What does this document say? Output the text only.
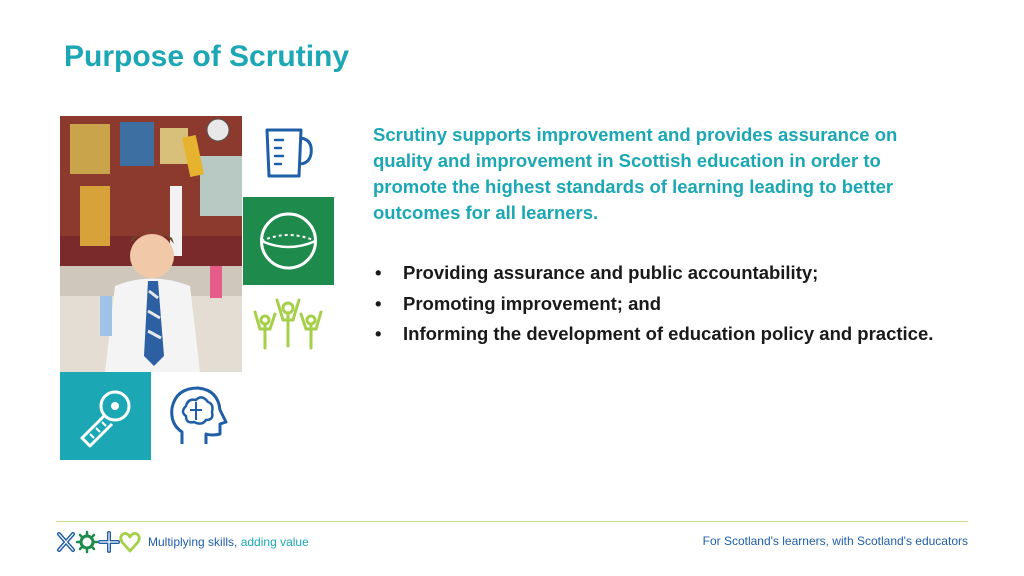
Purpose of Scrutiny
Scrutiny supports improvement and provides assurance on quality and improvement in Scottish education in order to promote the highest standards of learning leading to better outcomes for all learners.
• Providing assurance and public accountability;
• Promoting improvement; and
• Informing the development of education policy and practice.
Multiplying skills, adding value	For Scotland's learners, with Scotland's educators
